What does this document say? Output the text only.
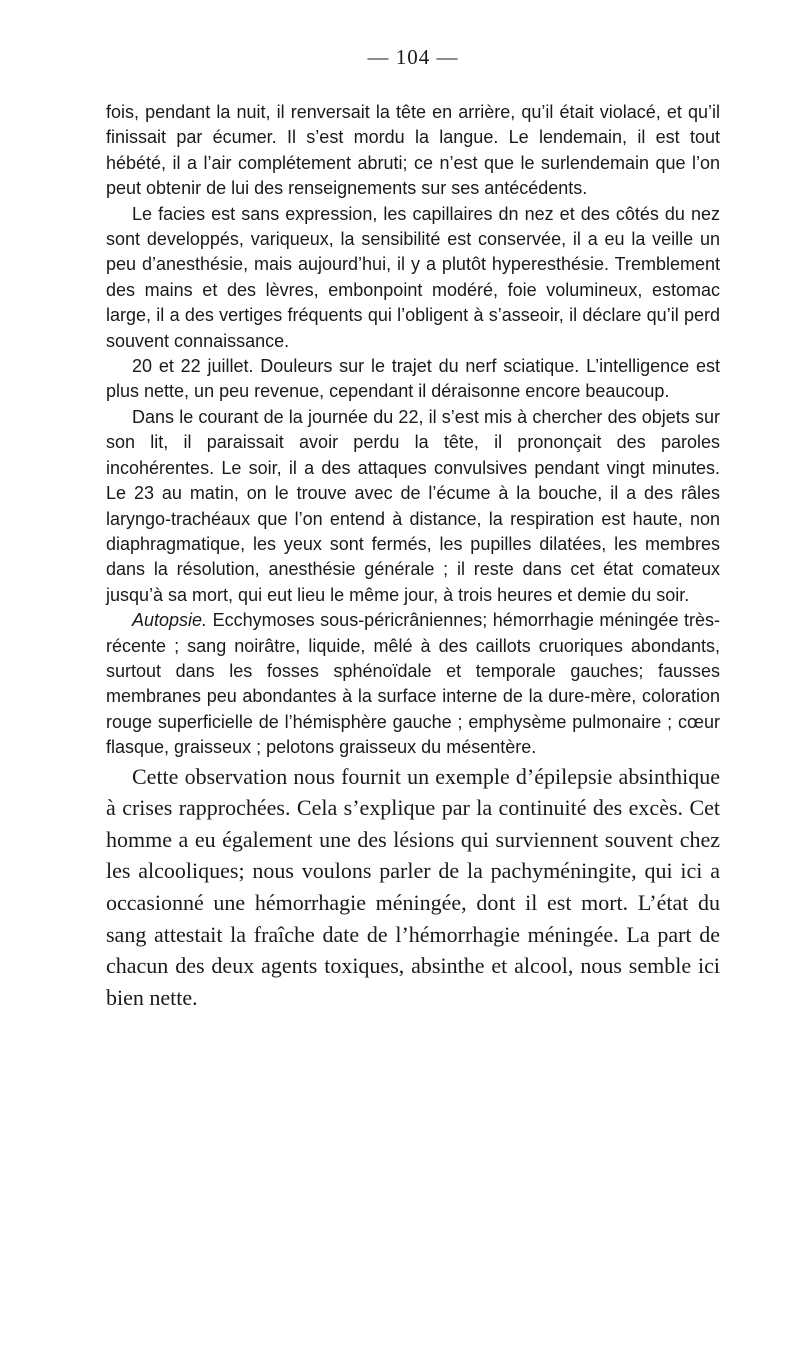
— 104 —

fois, pendant la nuit, il renversait la tête en arrière, qu’il était violacé, et qu’il finissait par écumer. Il s’est mordu la langue. Le lendemain, il est tout hébété, il a l’air complétement abruti; ce n’est que le surlendemain que l’on peut obtenir de lui des renseignements sur ses antécédents.

Le facies est sans expression, les capillaires dn nez et des côtés du nez sont developpés, variqueux, la sensibilité est conservée, il a eu la veille un peu d’anesthésie, mais aujourd’hui, il y a plutôt hyperesthésie. Tremblement des mains et des lèvres, embonpoint modéré, foie volumineux, estomac large, il a des vertiges fréquents qui l’obligent à s’asseoir, il déclare qu’il perd souvent connaissance.

20 et 22 juillet. Douleurs sur le trajet du nerf sciatique. L’intelligence est plus nette, un peu revenue, cependant il déraisonne encore beaucoup.

Dans le courant de la journée du 22, il s’est mis à chercher des objets sur son lit, il paraissait avoir perdu la tête, il prononçait des paroles incohérentes. Le soir, il a des attaques convulsives pendant vingt minutes. Le 23 au matin, on le trouve avec de l’écume à la bouche, il a des râles laryngo-trachéaux que l’on entend à distance, la respiration est haute, non diaphragmatique, les yeux sont fermés, les pupilles dilatées, les membres dans la résolution, anesthésie générale ; il reste dans cet état comateux jusqu’à sa mort, qui eut lieu le même jour, à trois heures et demie du soir.

Autopsie. Ecchymoses sous-péricrâniennes; hémorrhagie méningée très-récente ; sang noirâtre, liquide, mêlé à des caillots cruoriques abondants, surtout dans les fosses sphénoïdale et temporale gauches; fausses membranes peu abondantes à la surface interne de la dure-mère, coloration rouge superficielle de l’hémisphère gauche ; emphysème pulmonaire ; cœur flasque, graisseux ; pelotons graisseux du mésentère.

Cette observation nous fournit un exemple d’épilepsie absinthique à crises rapprochées. Cela s’explique par la continuité des excès. Cet homme a eu également une des lésions qui surviennent souvent chez les alcooliques; nous voulons parler de la pachyméningite, qui ici a occasionné une hémorrhagie méningée, dont il est mort. L’état du sang attestait la fraîche date de l’hémorrhagie méningée. La part de chacun des deux agents toxiques, absinthe et alcool, nous semble ici bien nette.
